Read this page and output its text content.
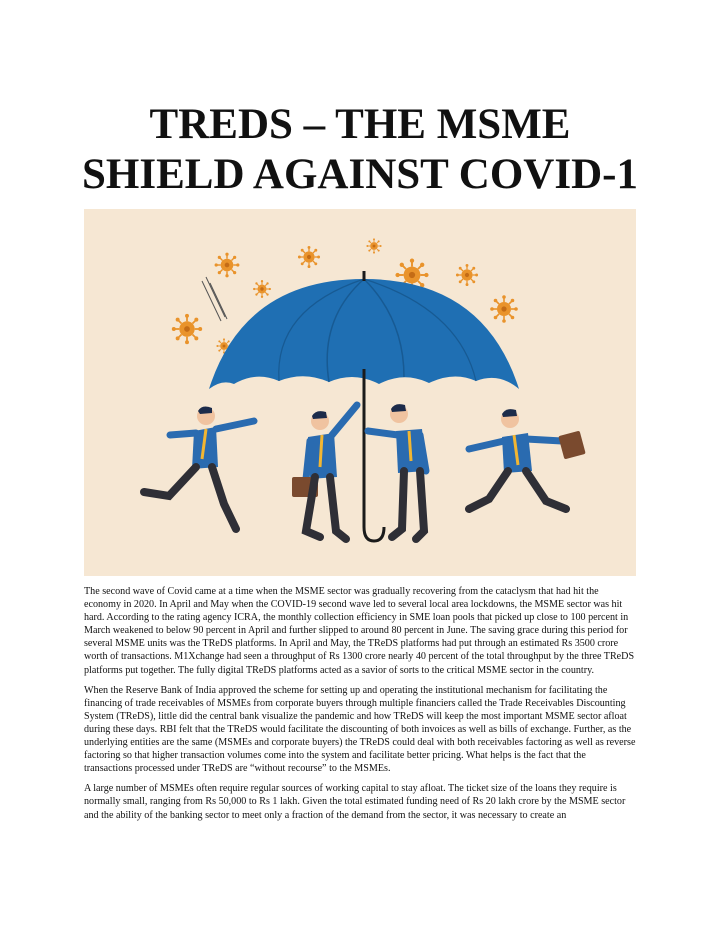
TREDS – THE MSME
SHIELD AGAINST COVID-1

The second wave of Covid came at a time when the MSME sector was gradually recovering from the cataclysm that had hit the economy in 2020. In April and May when the COVID-19 second wave led to several local area lockdowns, the MSME sector was hit hard. According to the rating agency ICRA, the monthly collection efficiency in SME loan pools that picked up close to 100 percent in March weakened to below 90 percent in April and further slipped to around 80 percent in June. The saving grace during this period for several MSME units was the TReDS platforms. In April and May, the TReDS platforms had put through an estimated Rs 3500 crore worth of transactions. M1Xchange had seen a throughput of Rs 1300 crore nearly 40 percent of the total throughput by the three TReDS platforms put together. The fully digital TReDS platforms acted as a savior of sorts to the critical MSME sector in the country.

When the Reserve Bank of India approved the scheme for setting up and operating the institutional mechanism for facilitating the financing of trade receivables of MSMEs from corporate buyers through multiple financiers called the Trade Receivables Discounting System (TReDS), little did the central bank visualize the pandemic and how TReDS will keep the most important MSME sector afloat during these days. RBI felt that the TReDS would facilitate the discounting of both invoices as well as bills of exchange. Further, as the underlying entities are the same (MSMEs and corporate buyers) the TReDS could deal with both receivables factoring as well as reverse factoring so that higher transaction volumes come into the system and facilitate better pricing. What helps is the fact that the transactions processed under TReDS are “without recourse” to the MSMEs.

A large number of MSMEs often require regular sources of working capital to stay afloat. The ticket size of the loans they require is normally small, ranging from Rs 50,000 to Rs 1 lakh. Given the total estimated funding need of Rs 20 lakh crore by the MSME sector and the ability of the banking sector to meet only a fraction of the demand from the sector, it was necessary to create an
